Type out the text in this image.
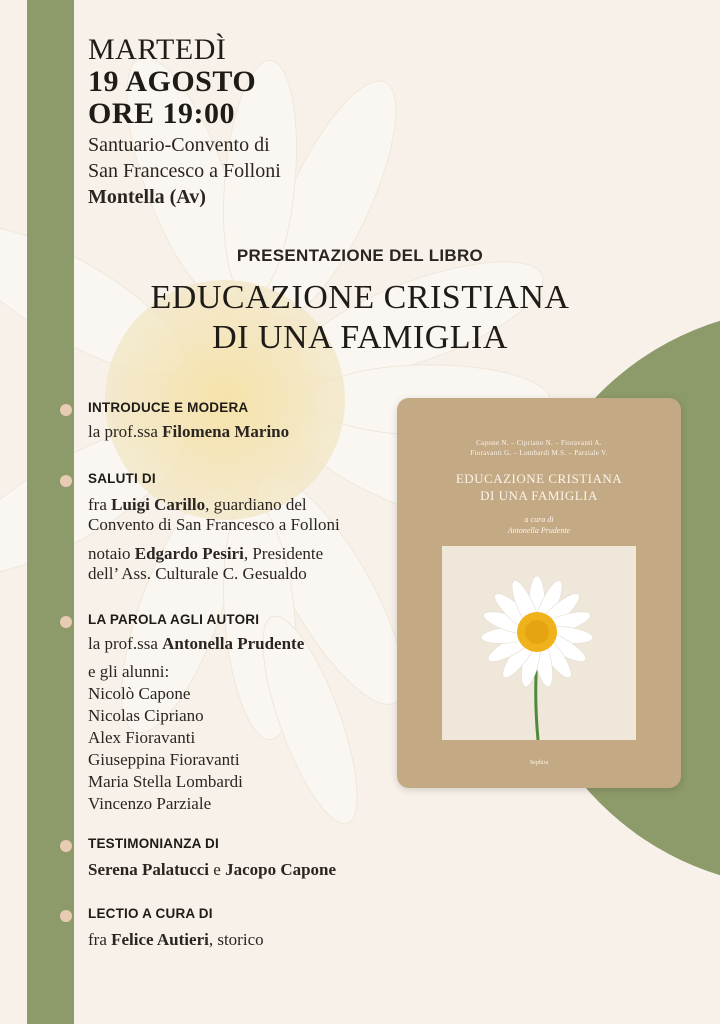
MARTEDÌ
19 AGOSTO
ORE 19:00
Santuario-Convento di
San Francesco a Folloni
Montella (Av)
PRESENTAZIONE DEL LIBRO
EDUCAZIONE CRISTIANA
DI UNA FAMIGLIA
INTRODUCE E MODERA
la prof.ssa Filomena Marino
SALUTI DI
fra Luigi Carillo, guardiano del
Convento di San Francesco a Folloni
notaio Edgardo Pesiri, Presidente
dell’ Ass. Culturale C. Gesualdo
LA PAROLA AGLI AUTORI
la prof.ssa Antonella Prudente
e gli alunni:
Nicolò Capone
Nicolas Cipriano
Alex Fioravanti
Giuseppina Fioravanti
Maria Stella Lombardi
Vincenzo Parziale
TESTIMONIANZA DI
Serena Palatucci e Jacopo Capone
LECTIO A CURA DI
fra Felice Autieri, storico
Capone N. – Cipriano N. – Fioravanti A.
Fioravanti G. – Lombardi M.S. – Parziale V.
EDUCAZIONE CRISTIANA
DI UNA FAMIGLIA
a cura di
Antonella Prudente
Sephira
